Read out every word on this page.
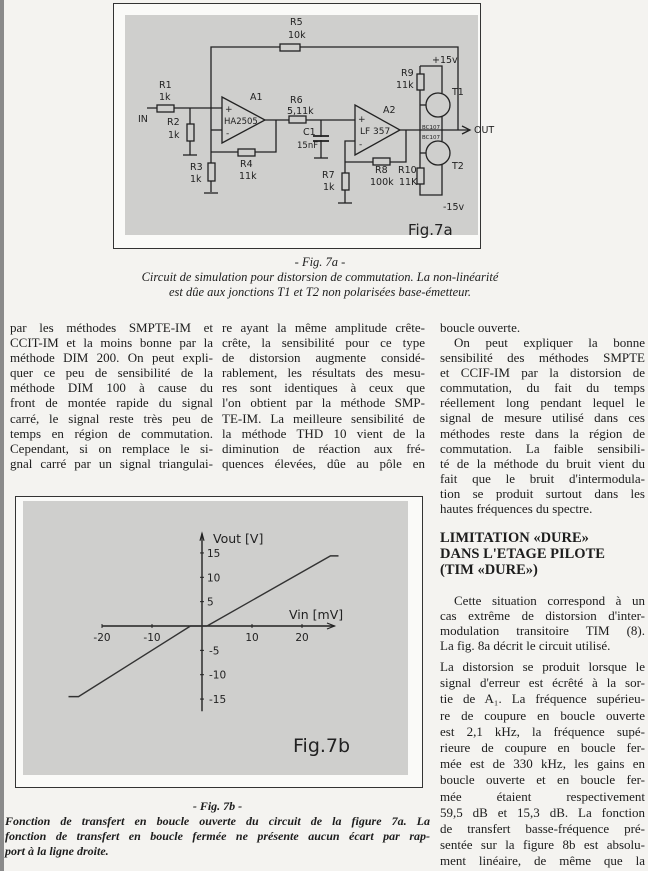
R5
10k
R1
1k
IN R2
1k
R3
1k
R4
11k
A1
HA2505
+
-
R6
5,11k
C1
15nF
A2
LF 357
+
-
R7
1k
R8
100k
R9
11k
R10
11K
T1
T2
BC107
BC107
+15v
-15v
OUT
Fig.7a
- Fig. 7a -
Circuit de simulation pour distorsion de commutation. La non-linéarité
est dûe aux jonctions T1 et T2 non polarisées base-émetteur.
par les méthodes SMPTE-IM et
CCIT-IM et la moins bonne par la
méthode DIM 200. On peut expli-
quer ce peu de sensibilité de la
méthode DIM 100 à cause du
front de montée rapide du signal
carré, le signal reste très peu de
temps en région de commutation.
Cependant, si on remplace le si-
gnal carré par un signal triangulai-
re ayant la même amplitude crête-
crête, la sensibilité pour ce type
de distorsion augmente considé-
rablement, les résultats des mesu-
res sont identiques à ceux que
l'on obtient par la méthode SMP-
TE-IM. La meilleure sensibilité de
la méthode THD 10 vient de la
diminution de réaction aux fré-
quences élevées, dûe au pôle en
boucle ouverte.
On peut expliquer la bonne
sensibilité des méthodes SMPTE
et CCIF-IM par la distorsion de
commutation, du fait du temps
réellement long pendant lequel le
signal de mesure utilisé dans ces
méthodes reste dans la région de
commutation. La faible sensibili-
té de la méthode du bruit vient du
fait que le bruit d'intermodula-
tion se produit surtout dans les
hautes fréquences du spectre.
LIMITATION «DURE»
DANS L'ETAGE PILOTE
(TIM «DURE»)
Cette situation correspond à un
cas extrême de distorsion d'inter-
modulation transitoire TIM (8).
La fig. 8a décrit le circuit utilisé.
La distorsion se produit lorsque le
signal d'erreur est écrêté à la sor-
tie de A₁. La fréquence supérieu-
re de coupure en boucle ouverte
est 2,1 kHz, la fréquence supé-
rieure de coupure en boucle fer-
mée est de 330 kHz, les gains en
boucle ouverte et en boucle fer-
mée étaient respectivement
59,5 dB et 15,3 dB. La fonction
de transfert basse-fréquence pré-
sentée sur la figure 8b est absolu-
ment linéaire, de même que la
-20	-10	10	20
15
10
5
-5
-10
-15
Vout [V]
Vin [mV]
Fig.7b
- Fig. 7b -
Fonction de transfert en boucle ouverte du circuit de la figure 7a. La
fonction de transfert en boucle fermée ne présente aucun écart par rap-
port à la ligne droite.
